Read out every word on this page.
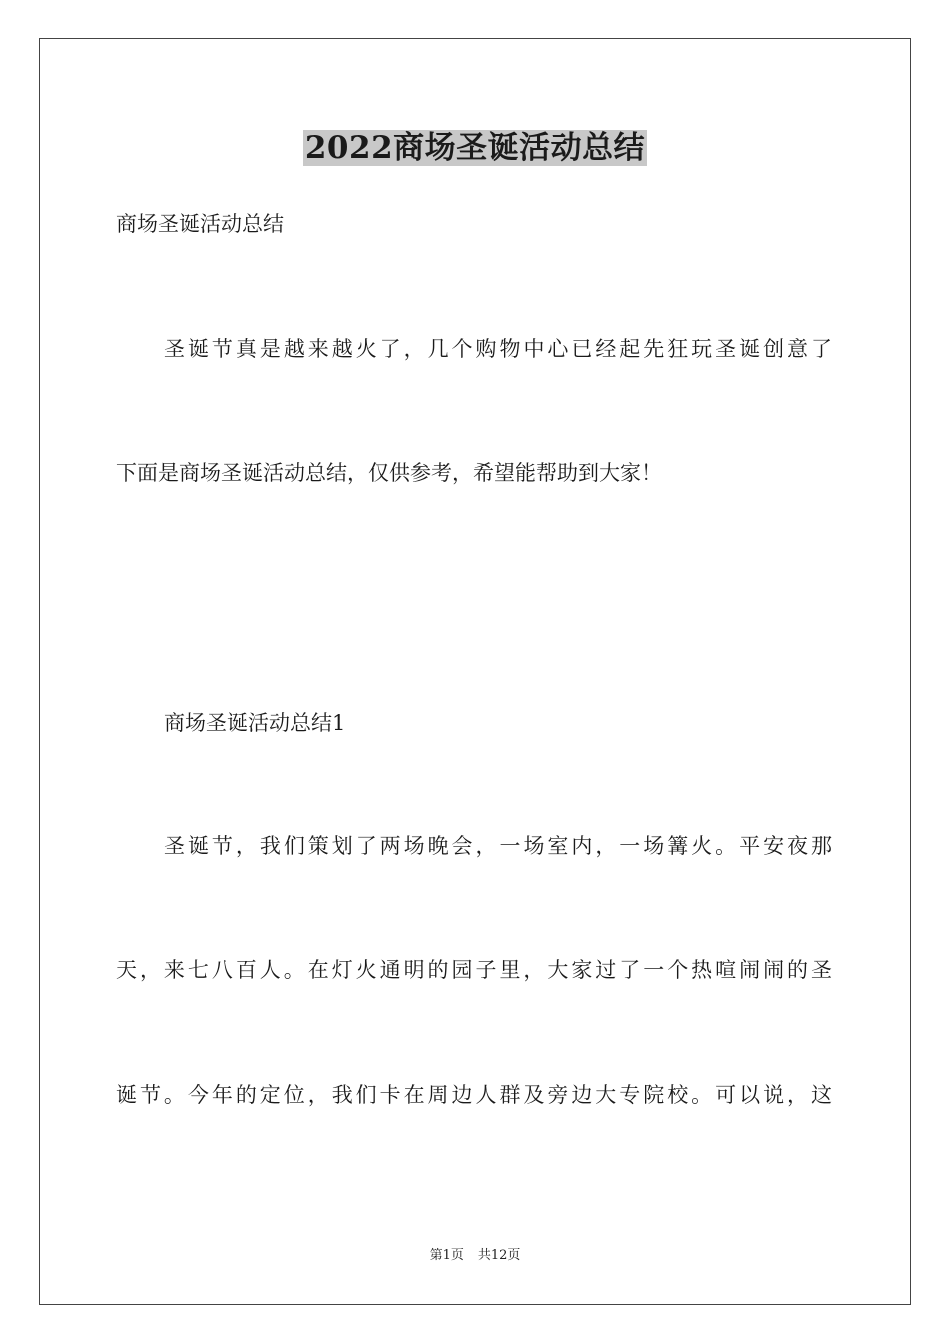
2022商场圣诞活动总结
商场圣诞活动总结
圣诞节真是越来越火了，几个购物中心已经起先狂玩圣诞创意了
下面是商场圣诞活动总结，仅供参考，希望能帮助到大家！
商场圣诞活动总结1
圣诞节，我们策划了两场晚会，一场室内，一场篝火。平安夜那
天，来七八百人。在灯火通明的园子里，大家过了一个热喧闹闹的圣
诞节。今年的定位，我们卡在周边人群及旁边大专院校。可以说，这
第1页 共12页
